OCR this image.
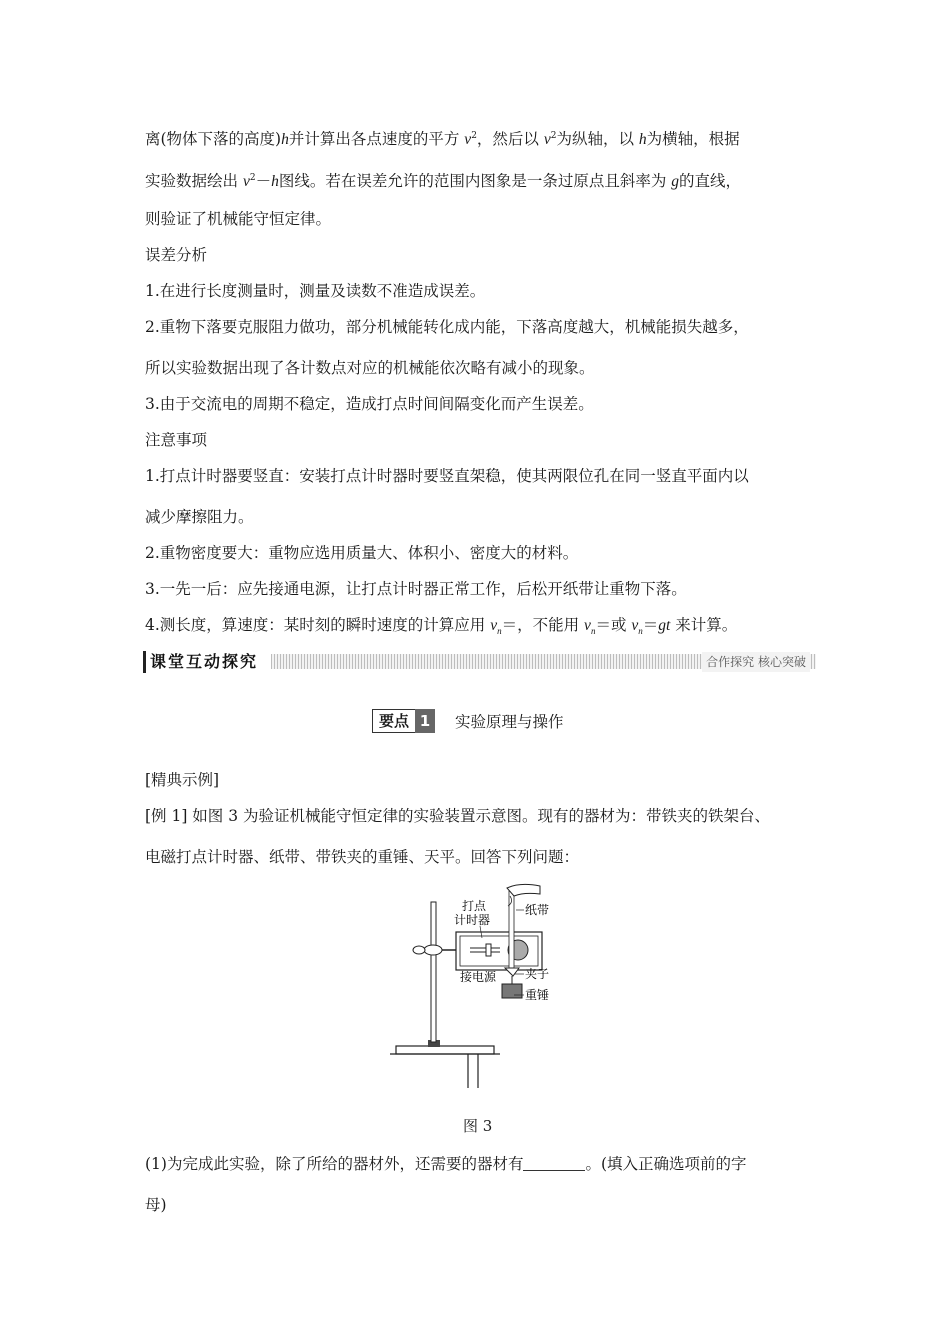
离(物体下落的高度)h并计算出各点速度的平方 $v^2$，然后以 $v^2$为纵轴，以 h为横轴，根据
实验数据绘出 $v^2-h$图线。若在误差允许的范围内图象是一条过原点且斜率为 g的直线，
则验证了机械能守恒定律。
误差分析
1.在进行长度测量时，测量及读数不准造成误差。
2.重物下落要克服阻力做功，部分机械能转化成内能，下落高度越大，机械能损失越多，
所以实验数据出现了各计数点对应的机械能依次略有减小的现象。
3.由于交流电的周期不稳定，造成打点时间间隔变化而产生误差。
注意事项
1.打点计时器要竖直：安装打点计时器时要竖直架稳，使其两限位孔在同一竖直平面内以
减少摩擦阻力。
2.重物密度要大：重物应选用质量大、体积小、密度大的材料。
3.一先一后：应先接通电源，让打点计时器正常工作，后松开纸带让重物下落。
4.测长度，算速度：某时刻的瞬时速度的计算应用 $v_n=$，不能用 $v_n=$或 $v_n=gt$ 来计算。
课堂互动探究	合作探究 核心突破
要点 1	实验原理与操作
[精典示例]
[例 1] 如图 3 为验证机械能守恒定律的实验装置示意图。现有的器材为：带铁夹的铁架台、
电磁打点计时器、纸带、带铁夹的重锤、天平。回答下列问题：
打点
计时器
纸带
接电源 夹子
重锤
图 3
(1)为完成此实验，除了所给的器材外，还需要的器材有	。(填入正确选项前的字
母)
